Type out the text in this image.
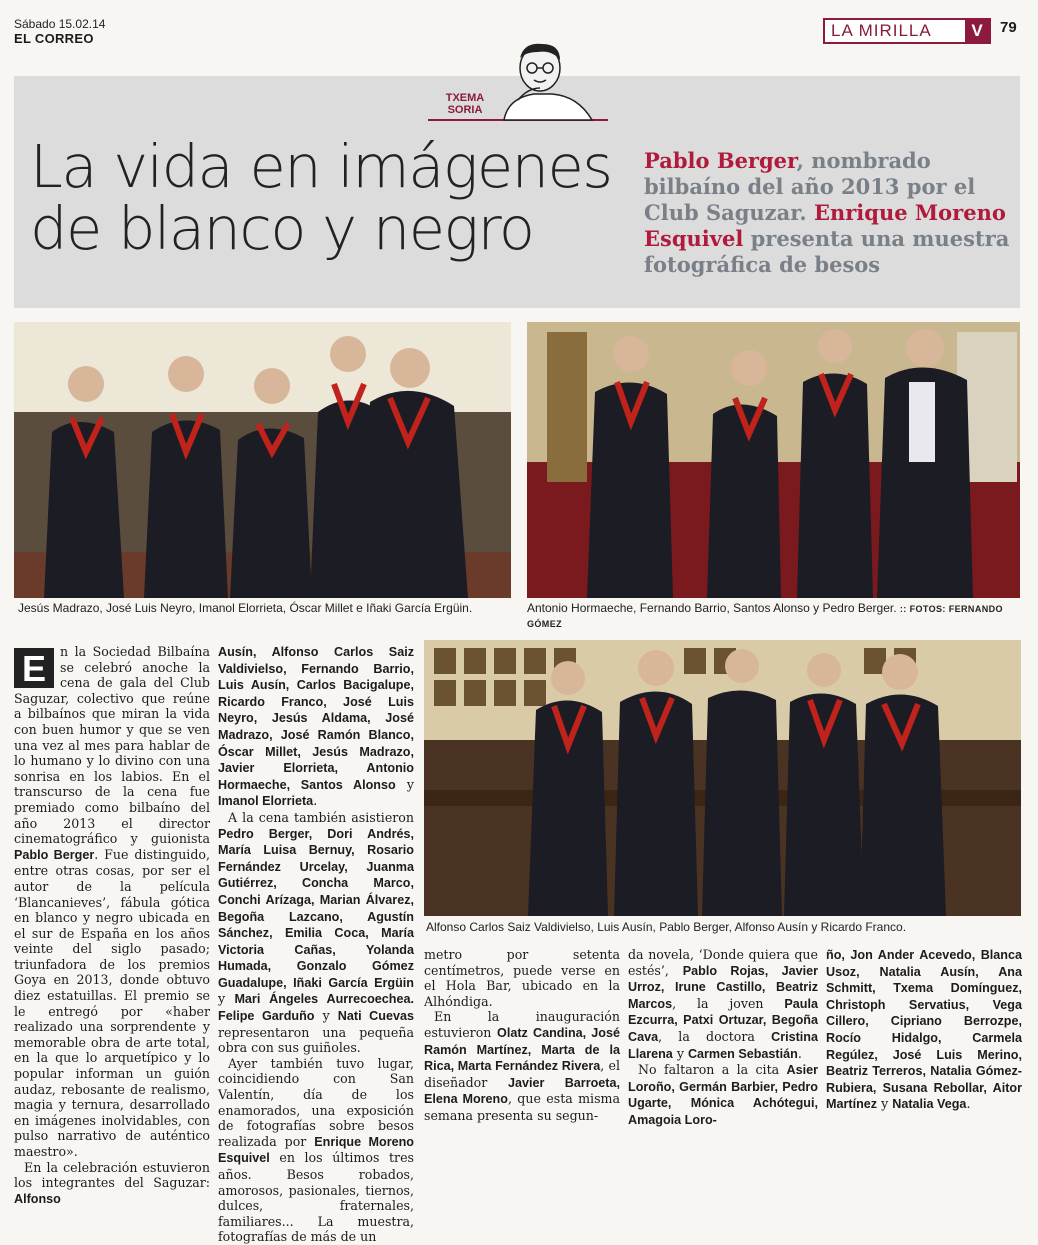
Sábado 15.02.14
EL CORREO	LA MIRILLA	V	79
TXEMA
SORIA
La vida en imágenes de blanco y negro
Pablo Berger, nombrado bilbaíno del año 2013 por el Club Saguzar. Enrique Moreno Esquivel presenta una muestra fotográfica de besos
Jesús Madrazo, José Luis Neyro, Imanol Elorrieta, Óscar Millet e Iñaki García Ergüin.	Antonio Hormaeche, Fernando Barrio, Santos Alonso y Pedro Berger. :: FOTOS: FERNANDO GÓMEZ
Alfonso Carlos Saiz Valdivielso, Luis Ausín, Pablo Berger, Alfonso Ausín y Ricardo Franco.

E	n la Sociedad Bilbaína se celebró anoche la cena de gala del Club Saguzar, colectivo que reúne a bilbaínos que miran la vida con buen humor y que se ven una vez al mes para hablar de lo humano y lo divino con una sonrisa en los labios. En el transcurso de la cena fue premiado como bilbaíno del año 2013 el director cinematográfico y guionista Pablo Berger. Fue distinguido, entre otras cosas, por ser el autor de la película ‘Blancanieves’, fábula gótica en blanco y negro ubicada en el sur de España en los años veinte del siglo pasado; triunfadora de los premios Goya en 2013, donde obtuvo diez estatuillas. El premio se le entregó por «haber realizado una sorprendente y memorable obra de arte total, en la que lo arquetípico y lo popular informan un guión audaz, rebosante de realismo, magia y ternura, desarrollado en imágenes inolvidables, con pulso narrativo de auténtico maestro».

En la celebración estuvieron los integrantes del Saguzar: Alfonso

Ausín, Alfonso Carlos Saiz Valdivielso, Fernando Barrio, Luis Ausín, Carlos Bacigalupe, Ricardo Franco, José Luis Neyro, Jesús Aldama, José Madrazo, José Ramón Blanco, Óscar Millet, Jesús Madrazo, Javier Elorrieta, Antonio Hormaeche, Santos Alonso y Imanol Elorrieta.

A la cena también asistieron Pedro Berger, Dori Andrés, María Luisa Bernuy, Rosario Fernández Urcelay, Juanma Gutiérrez, Concha Marco, Conchi Arízaga, Marian Álvarez, Begoña Lazcano, Agustín Sánchez, Emilia Coca, María Victoria Cañas, Yolanda Humada, Gonzalo Gómez Guadalupe, Iñaki García Ergüin y Mari Ángeles Aurrecoechea. Felipe Garduño y Nati Cuevas representaron una pequeña obra con sus guiñoles.

Ayer también tuvo lugar, coincidiendo con San Valentín, día de los enamorados, una exposición de fotografías sobre besos realizada por Enrique Moreno Esquivel en los últimos tres años. Besos robados, amorosos, pasionales, tiernos, dulces, fraternales, familiares... La muestra, fotografías de más de un

metro por setenta centímetros, puede verse en el Hola Bar, ubicado en la Alhóndiga.

En la inauguración estuvieron Olatz Candina, José Ramón Martínez, Marta de la Rica, Marta Fernández Rivera, el diseñador Javier Barroeta, Elena Moreno, que esta misma semana presenta su segun-

da novela, ‘Donde quiera que estés’, Pablo Rojas, Javier Urroz, Irune Castillo, Beatriz Marcos, la joven Paula Ezcurra, Patxi Ortuzar, Begoña Cava, la doctora Cristina Llarena y Carmen Sebastián.

No faltaron a la cita Asier Loroño, Germán Barbier, Pedro Ugarte, Mónica Achótegui, Amagoia Loro-

ño, Jon Ander Acevedo, Blanca Usoz, Natalia Ausín, Ana Schmitt, Txema Domínguez, Christoph Servatius, Vega Cillero, Cipriano Berrozpe, Rocío Hidalgo, Carmela Regúlez, José Luis Merino, Beatriz Terreros, Natalia Gómez-Rubiera, Susana Rebollar, Aitor Martínez y Natalia Vega.
